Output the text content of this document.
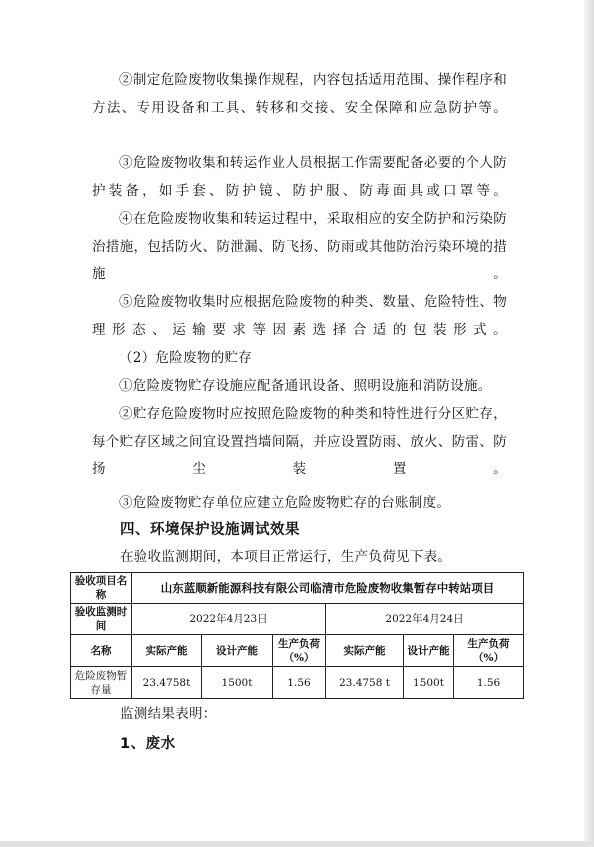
②制定危险废物收集操作规程，内容包括适用范围、操作程序和方法、专用设备和工具、转移和交接、安全保障和应急防护等。
③危险废物收集和转运作业人员根据工作需要配备必要的个人防护装备，如手套、防护镜、防护服、防毒面具或口罩等。
④在危险废物收集和转运过程中，采取相应的安全防护和污染防治措施，包括防火、防泄漏、防飞扬、防雨或其他防治污染环境的措施。
⑤危险废物收集时应根据危险废物的种类、数量、危险特性、物理形态、运输要求等因素选择合适的包装形式。
（2）危险废物的贮存
①危险废物贮存设施应配备通讯设备、照明设施和消防设施。
②贮存危险废物时应按照危险废物的种类和特性进行分区贮存，每个贮存区域之间宜设置挡墙间隔，并应设置防雨、放火、防雷、防扬尘装置。
③危险废物贮存单位应建立危险废物贮存的台账制度。
四、环境保护设施调试效果
在验收监测期间，本项目正常运行，生产负荷见下表。
验收项目名称	山东蓝顺新能源科技有限公司临清市危险废物收集暂存中转站项目					
验收监测时间	2022年4月23日			2022年4月24日		
名称	实际产能	设计产能	生产负荷（%）	实际产能	设计产能	生产负荷（%）
危险废物暂存量	23.4758t	1500t	1.56	23.4758 t	1500t	1.56
监测结果表明：
1、废水
